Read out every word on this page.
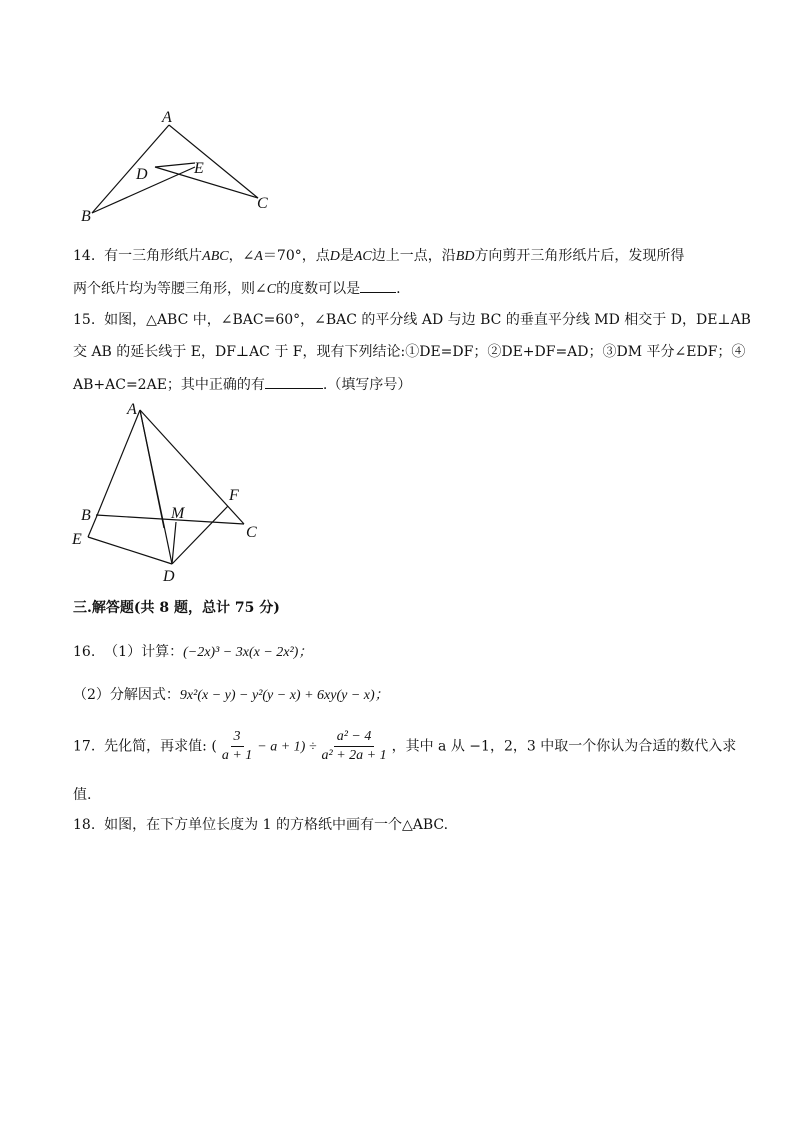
A
B
C
D	E
14. 有一三角形纸片ABC，∠A＝70°，点D是AC边上一点，沿BD方向剪开三角形纸片后，发现所得
两个纸片均为等腰三角形，则∠C的度数可以是	.
15. 如图，△ABC 中，∠BAC=60°，∠BAC 的平分线 AD 与边 BC 的垂直平分线 MD 相交于 D，DE⊥AB
交 AB 的延长线于 E，DF⊥AC 于 F，现有下列结论:①DE=DF；②DE+DF=AD；③DM 平分∠EDF；④
AB+AC=2AE；其中正确的有	.（填写序号）
A
B
E
M
F
C
D
三.解答题(共 8 题，总计 75 分)
16. （1）计算：(−2x)³ − 3x(x − 2x²)；
（2）分解因式：9x²(x − y) − y²(y − x) + 6xy(y − x)；
17. 先化简，再求值: ( $\frac{3}{a + 1} - a + 1) \div \frac{\text{a² − 4}}{\text{a² + 2a + 1}}$ ，其中 a 从 −1，2，3 中取一个你认为合适的数代入求
值.
18. 如图，在下方单位长度为 1 的方格纸中画有一个△ABC.
